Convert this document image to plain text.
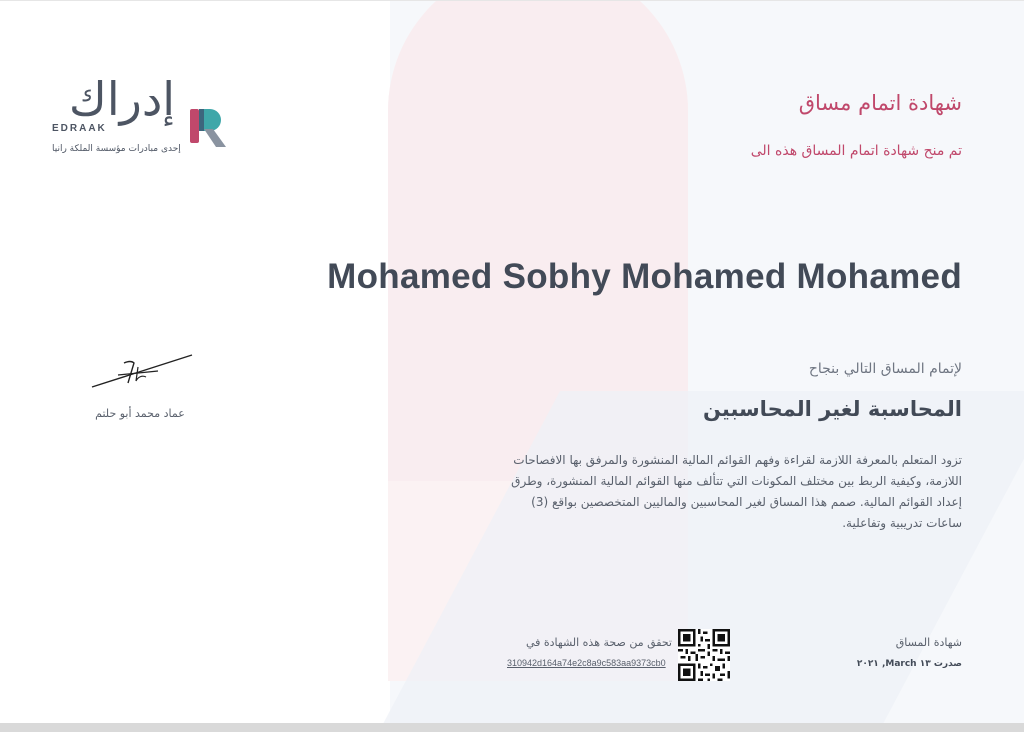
إدراك
EDRAAK
إحدى مبادرات مؤسسة الملكة رانيا
شهادة اتمام مساق
تم منح شهادة اتمام المساق هذه الى
Mohamed Sobhy Mohamed Mohamed
لإتمام المساق التالي بنجاح
المحاسبة لغير المحاسبين
تزود المتعلم بالمعرفة اللازمة لقراءة وفهم القوائم المالية المنشورة والمرفق بها الافصاحات اللازمة، وكيفية الربط بين مختلف المكونات التي تتألف منها القوائم المالية المنشورة، وطرق إعداد القوائم المالية. صمم هذا المساق لغير المحاسبين والماليين المتخصصين بواقع (3) ساعات تدريبية وتفاعلية.
عماد محمد أبو حلتم
تحقق من صحة هذه الشهادة في
310942d164a74e2c8a9c583aa9373cb0
شهادة المساق
صدرت ١٣ March, ٢٠٢١
